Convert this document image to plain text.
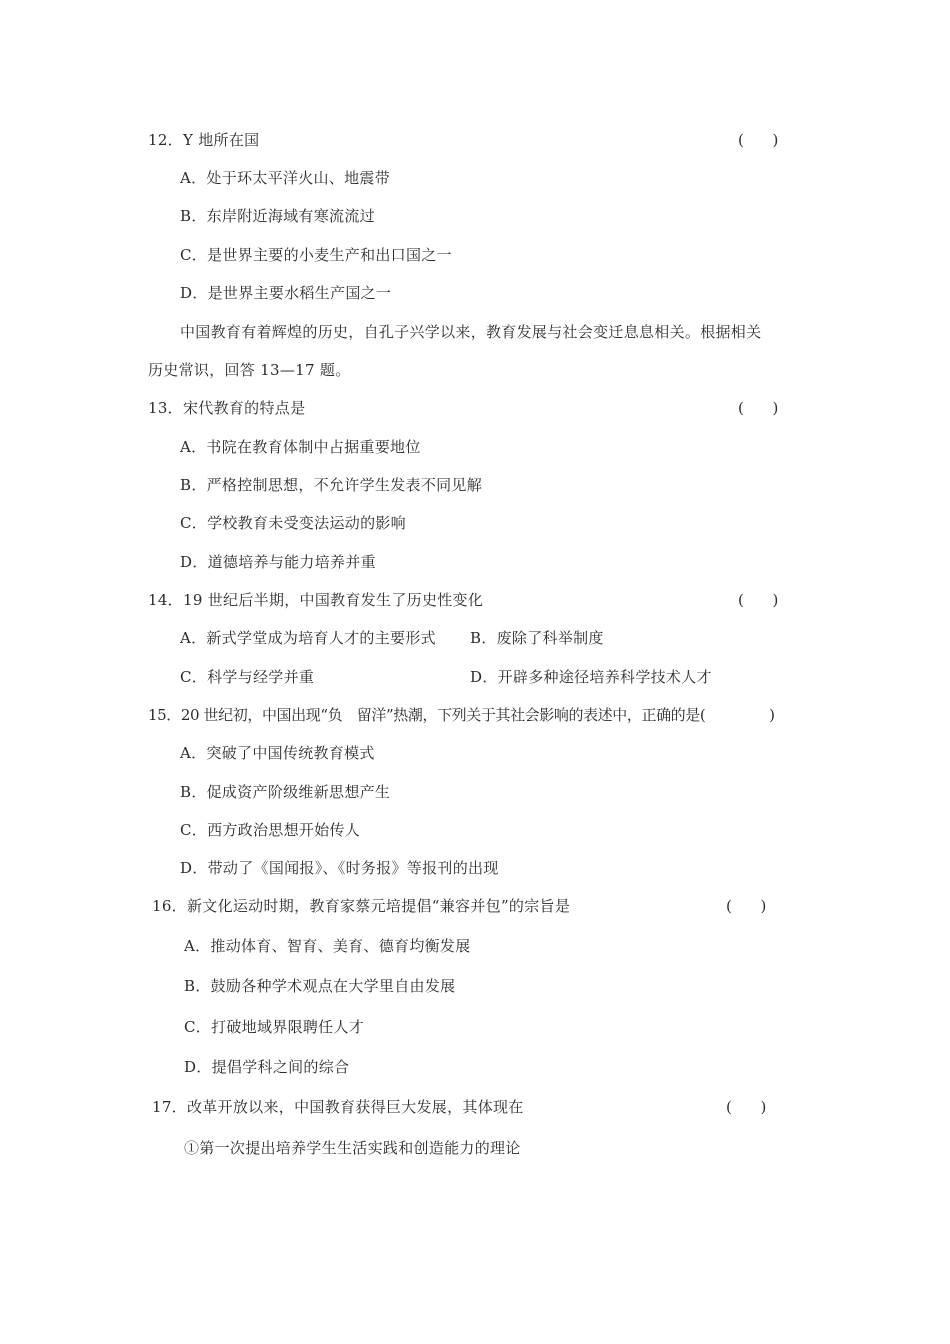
12．Y 地所在国	(      )
A．处于环太平洋火山、地震带
B．东岸附近海域有寒流流过
C．是世界主要的小麦生产和出口国之一
D．是世界主要水稻生产国之一
中国教育有着辉煌的历史，自孔子兴学以来，教育发展与社会变迁息息相关。根据相关
历史常识，回答 13—17 题。
13．宋代教育的特点是	(      )
A．书院在教育体制中占据重要地位
B．严格控制思想，不允许学生发表不同见解
C．学校教育未受变法运动的影响
D．道德培养与能力培养并重
14．19 世纪后半期，中国教育发生了历史性变化	(      )
A．新式学堂成为培育人才的主要形式 B．废除了科举制度
C．科学与经学并重	D．开辟多种途径培养科学技术人才
15．20 世纪初，中国出现“负　留洋”热潮，下列关于其社会影响的表述中，正确的是(	)
A．突破了中国传统教育模式
B．促成资产阶级维新思想产生
C．西方政治思想开始传人
D．带动了《国闻报》、《时务报》等报刊的出现
16．新文化运动时期，教育家蔡元培提倡“兼容并包”的宗旨是	(      )
A．推动体育、智育、美育、德育均衡发展
B．鼓励各种学术观点在大学里自由发展
C．打破地域界限聘任人才
D．提倡学科之间的综合
17．改革开放以来，中国教育获得巨大发展，其体现在	(      )
①第一次提出培养学生生活实践和创造能力的理论
